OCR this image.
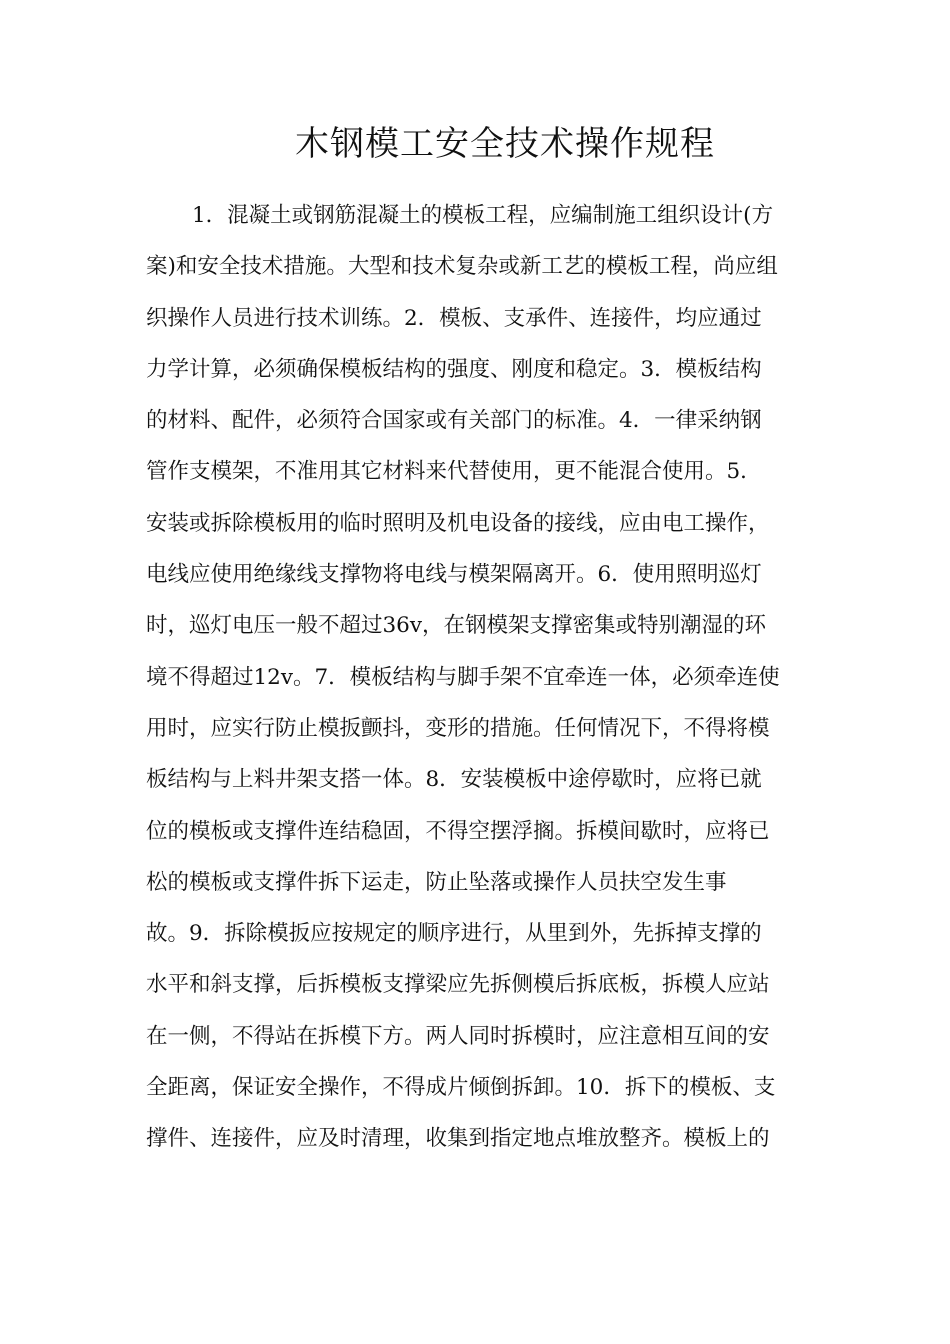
木钢模工安全技术操作规程
1．混凝土或钢筋混凝土的模板工程，应编制施工组织设计(方
案)和安全技术措施。大型和技术复杂或新工艺的模板工程，尚应组
织操作人员进行技术训练。2．模板、支承件、连接件，均应通过
力学计算，必须确保模板结构的强度、刚度和稳定。3．模板结构
的材料、配件，必须符合国家或有关部门的标准。4．一律采纳钢
管作支模架，不准用其它材料来代替使用，更不能混合使用。5．
安装或拆除模板用的临时照明及机电设备的接线，应由电工操作，
电线应使用绝缘线支撑物将电线与模架隔离开。6．使用照明巡灯
时，巡灯电压一般不超过36v，在钢模架支撑密集或特别潮湿的环
境不得超过12v。7．模板结构与脚手架不宜牵连一体，必须牵连使
用时，应实行防止模扳颤抖，变形的措施。任何情况下，不得将模
板结构与上料井架支搭一体。8．安装模板中途停歇时，应将已就
位的模板或支撑件连结稳固，不得空摆浮搁。拆模间歇时，应将已
松的模板或支撑件拆下运走，防止坠落或操作人员扶空发生事
故。9．拆除模扳应按规定的顺序进行，从里到外，先拆掉支撑的
水平和斜支撑，后拆模板支撑梁应先拆侧模后拆底板，拆模人应站
在一侧，不得站在拆模下方。两人同时拆模时，应注意相互间的安
全距离，保证安全操作，不得成片倾倒拆卸。10．拆下的模板、支
撑件、连接件，应及时清理，收集到指定地点堆放整齐。模板上的
